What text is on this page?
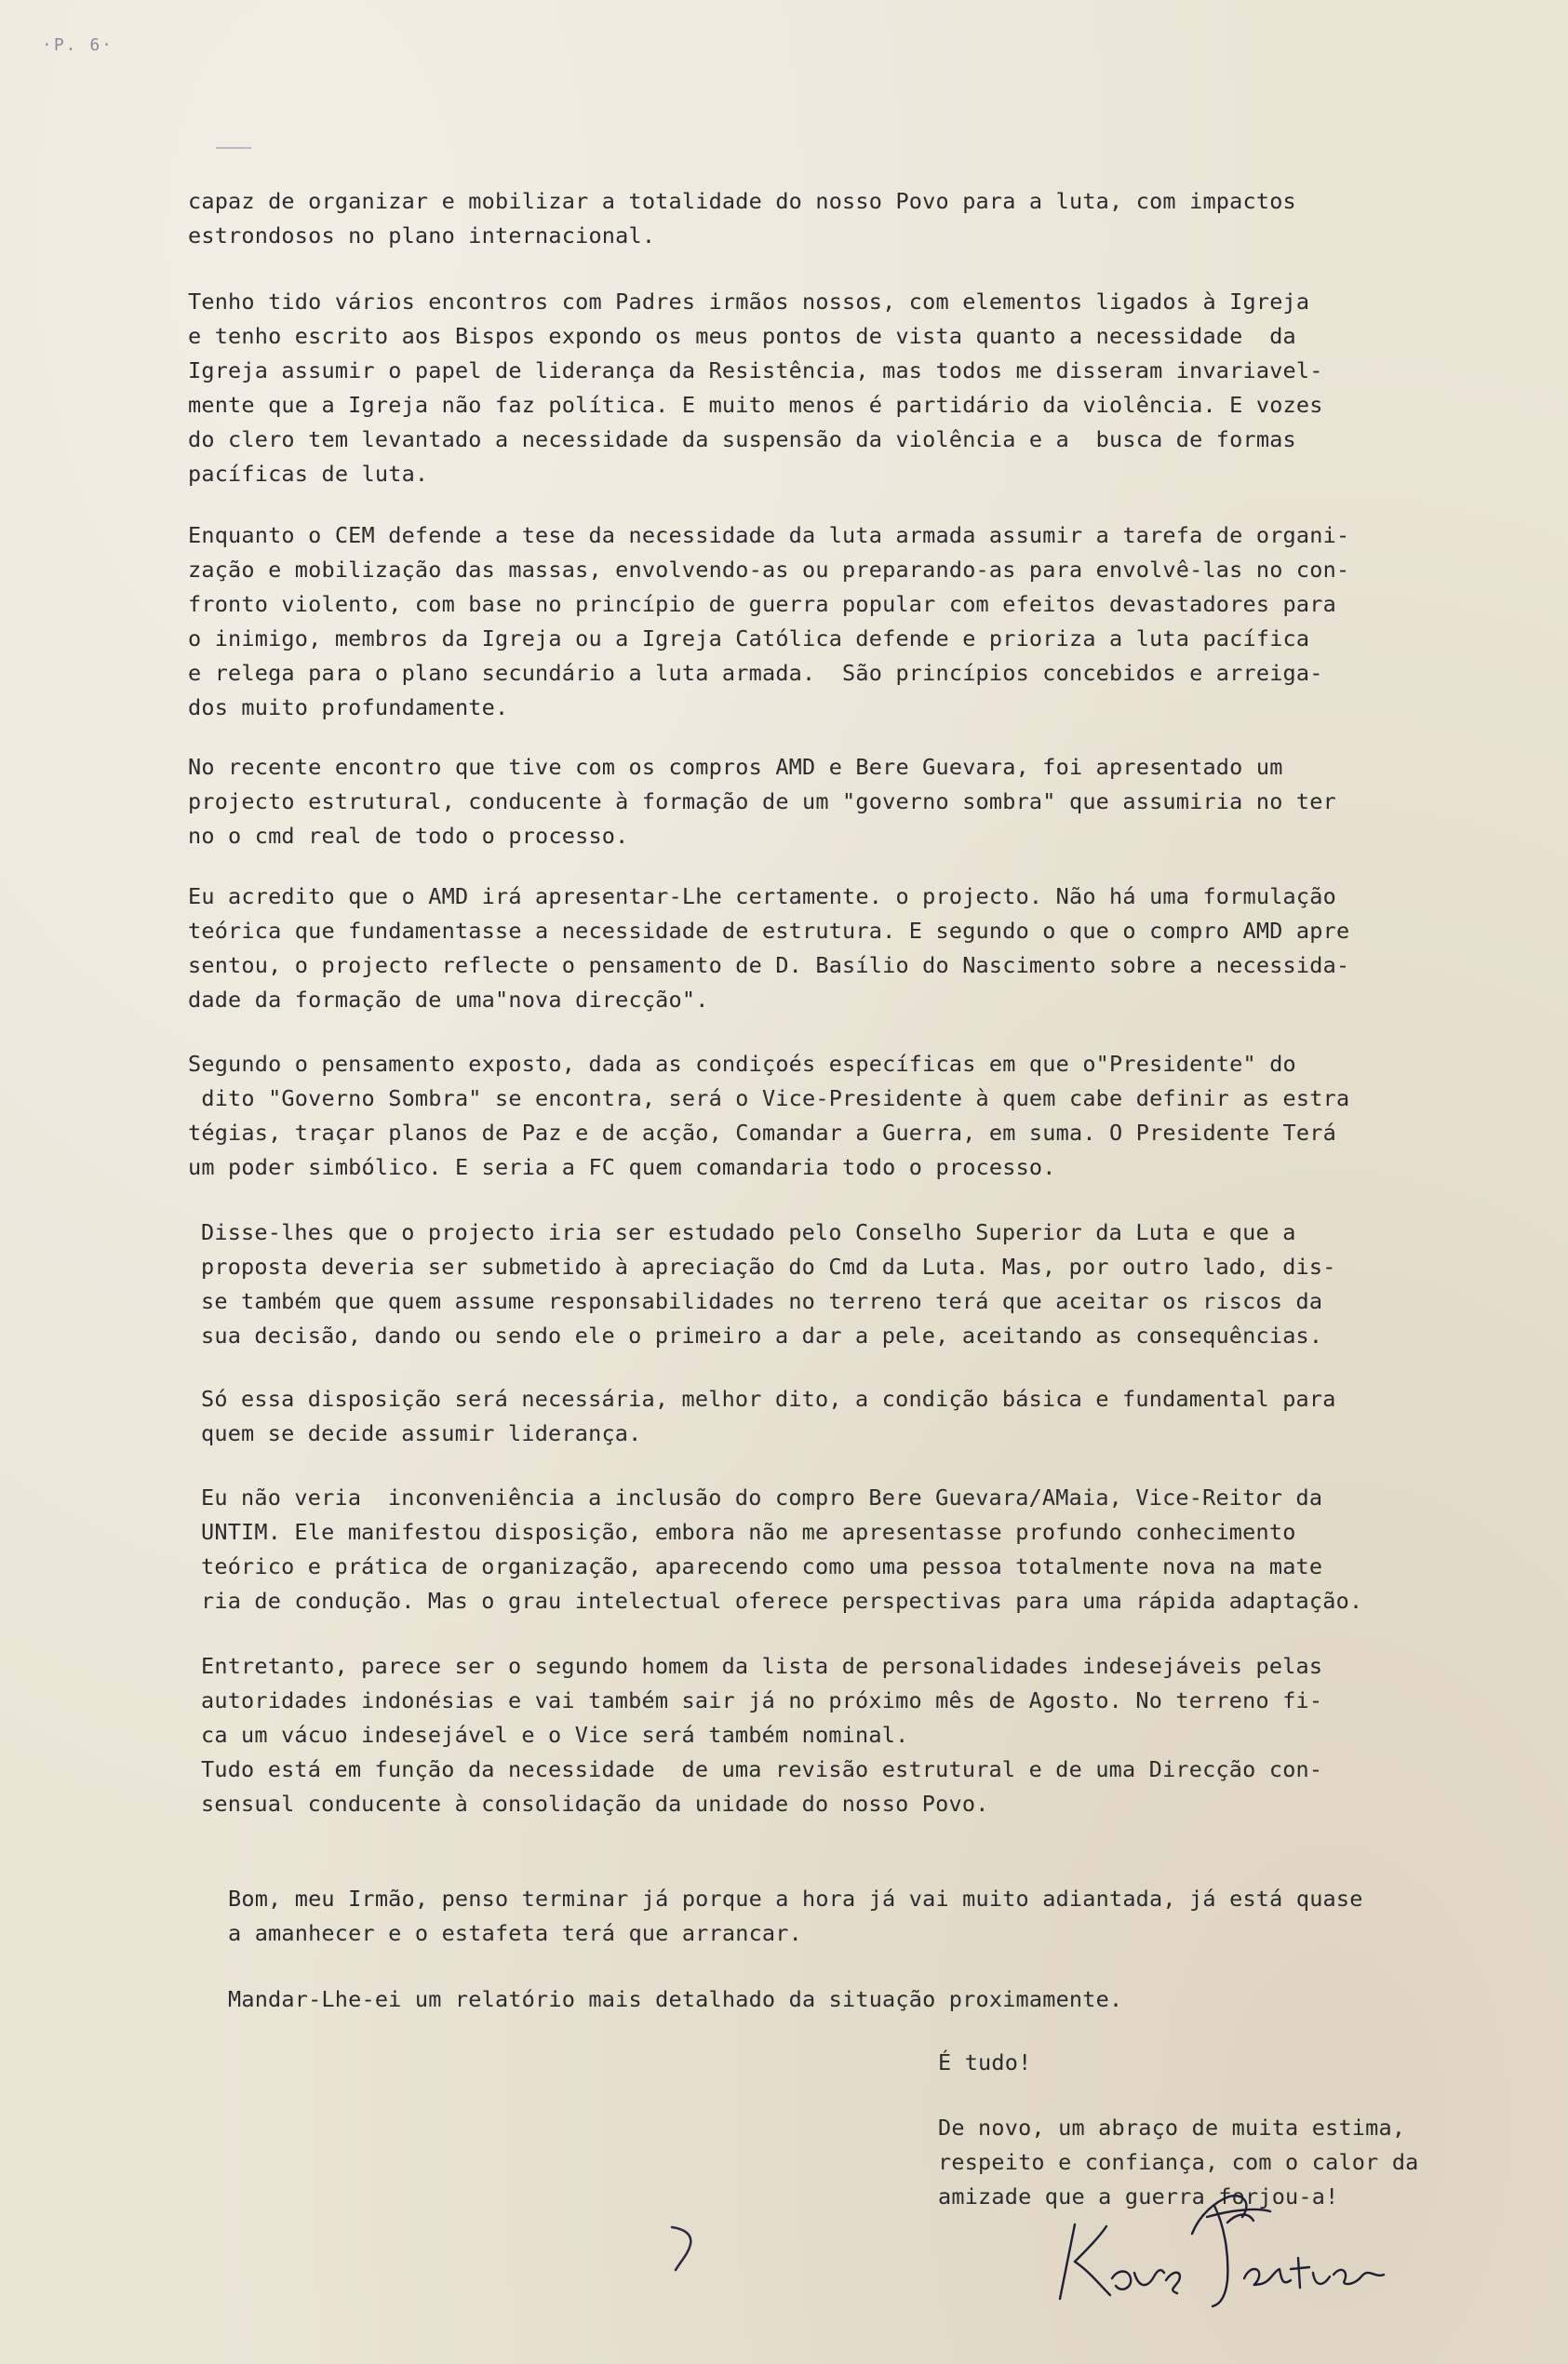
·P. 6·

capaz de organizar e mobilizar a totalidade do nosso Povo para a luta, com impactos
estrondosos no plano internacional.

Tenho tido vários encontros com Padres irmãos nossos, com elementos ligados à Igreja
e tenho escrito aos Bispos expondo os meus pontos de vista quanto a necessidade  da
Igreja assumir o papel de liderança da Resistência, mas todos me disseram invariavel-
mente que a Igreja não faz política. E muito menos é partidário da violência. E vozes
do clero tem levantado a necessidade da suspensão da violência e a  busca de formas
pacíficas de luta.

Enquanto o CEM defende a tese da necessidade da luta armada assumir a tarefa de organi-
zação e mobilização das massas, envolvendo-as ou preparando-as para envolvê-las no con-
fronto violento, com base no princípio de guerra popular com efeitos devastadores para
o inimigo, membros da Igreja ou a Igreja Católica defende e prioriza a luta pacífica
e relega para o plano secundário a luta armada.  São princípios concebidos e arreiga-
dos muito profundamente.

No recente encontro que tive com os compros AMD e Bere Guevara, foi apresentado um
projecto estrutural, conducente à formação de um "governo sombra" que assumiria no ter
no o cmd real de todo o processo.

Eu acredito que o AMD irá apresentar-Lhe certamente. o projecto. Não há uma formulação
teórica que fundamentasse a necessidade de estrutura. E segundo o que o compro AMD apre
sentou, o projecto reflecte o pensamento de D. Basílio do Nascimento sobre a necessida-
dade da formação de uma"nova direcção".

Segundo o pensamento exposto, dada as condiçoés específicas em que o"Presidente" do
dito "Governo Sombra" se encontra, será o Vice-Presidente à quem cabe definir as estra
tégias, traçar planos de Paz e de acção, Comandar a Guerra, em suma. O Presidente Terá
um poder simbólico. E seria a FC quem comandaria todo o processo.

Disse-lhes que o projecto iria ser estudado pelo Conselho Superior da Luta e que a
proposta deveria ser submetido à apreciação do Cmd da Luta. Mas, por outro lado, dis-
se também que quem assume responsabilidades no terreno terá que aceitar os riscos da
sua decisão, dando ou sendo ele o primeiro a dar a pele, aceitando as consequências.

Só essa disposição será necessária, melhor dito, a condição básica e fundamental para
quem se decide assumir liderança.

Eu não veria  inconveniência a inclusão do compro Bere Guevara/AMaia, Vice-Reitor da
UNTIM. Ele manifestou disposição, embora não me apresentasse profundo conhecimento
teórico e prática de organização, aparecendo como uma pessoa totalmente nova na mate
ria de condução. Mas o grau intelectual oferece perspectivas para uma rápida adaptação.

Entretanto, parece ser o segundo homem da lista de personalidades indesejáveis pelas
autoridades indonésias e vai também sair já no próximo mês de Agosto. No terreno fi-
ca um vácuo indesejável e o Vice será também nominal.
Tudo está em função da necessidade  de uma revisão estrutural e de uma Direcção con-
sensual conducente à consolidação da unidade do nosso Povo.

Bom, meu Irmão, penso terminar já porque a hora já vai muito adiantada, já está quase
a amanhecer e o estafeta terá que arrancar.

Mandar-Lhe-ei um relatório mais detalhado da situação proximamente.

É tudo!

De novo, um abraço de muita estima,
respeito e confiança, com o calor da
amizade que a guerra forjou-a!
